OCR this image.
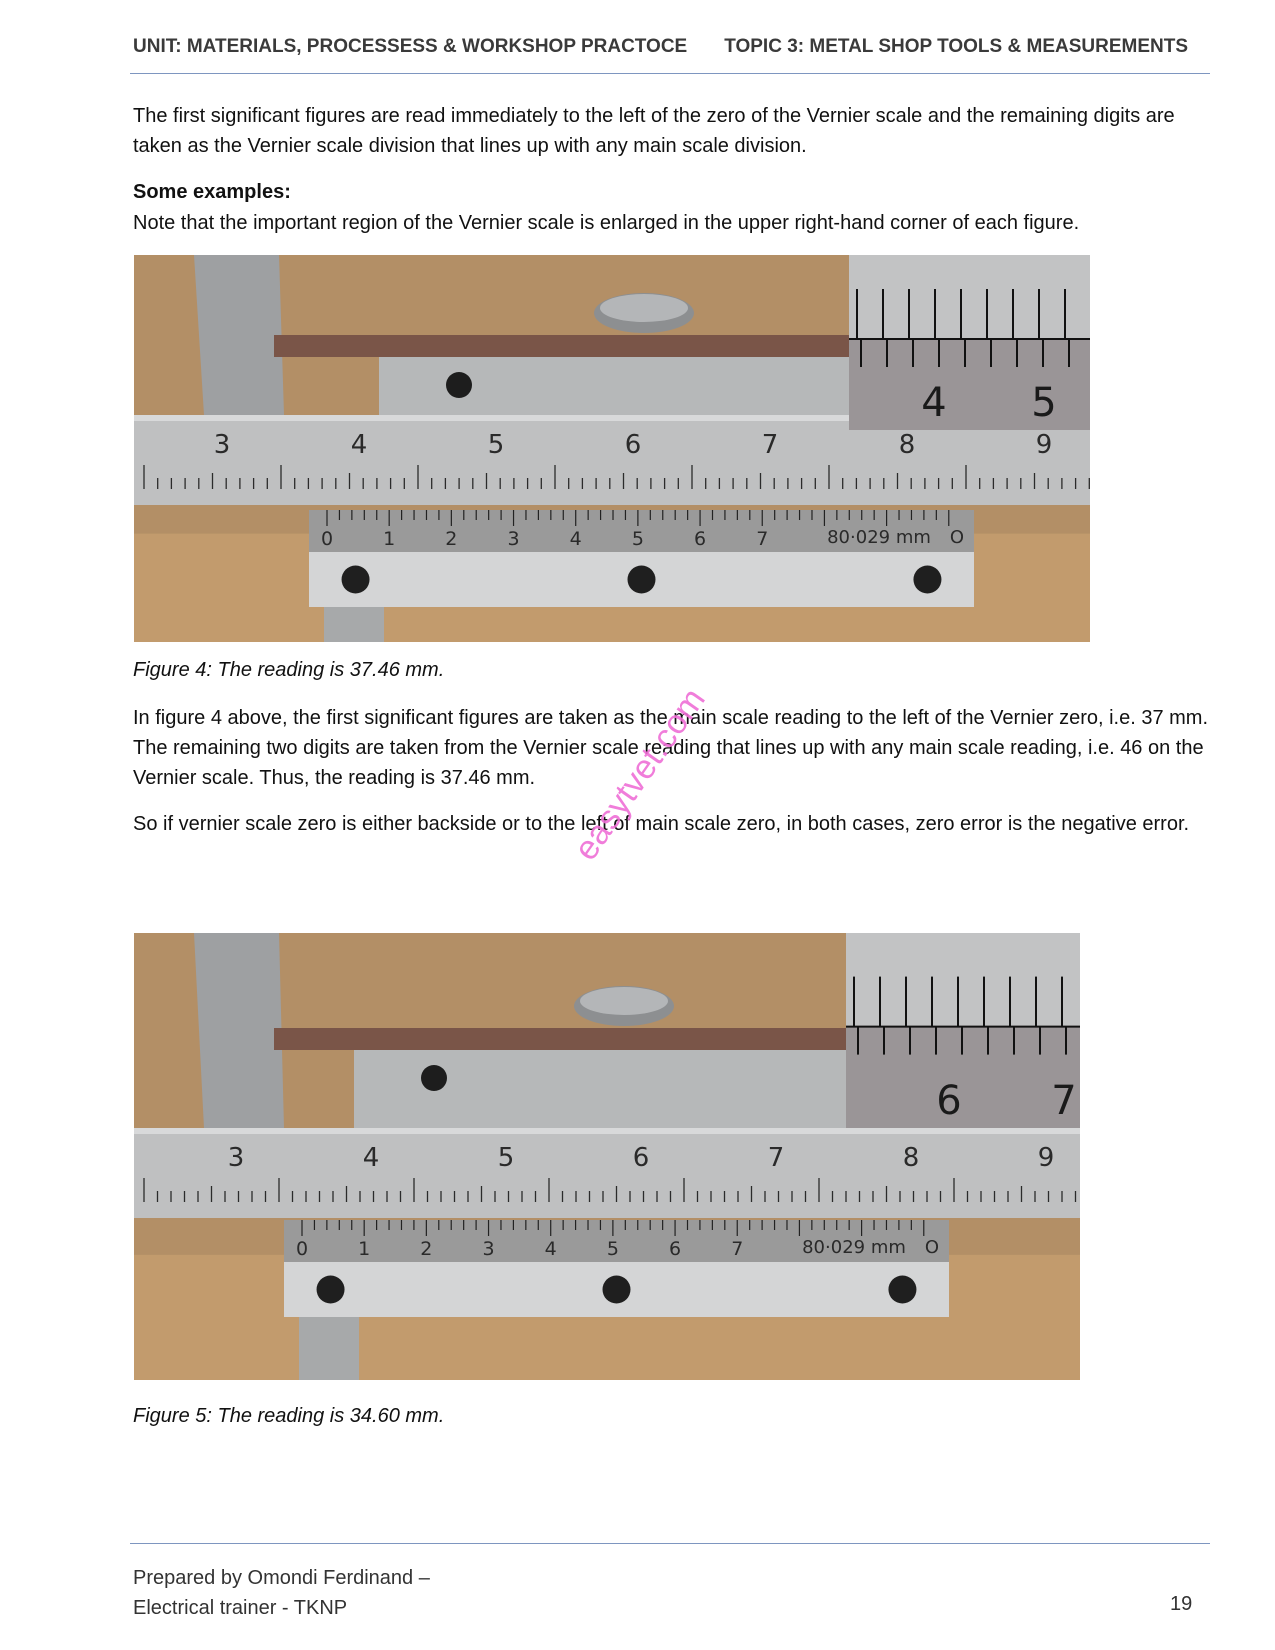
UNIT: MATERIALS, PROCESSESS & WORKSHOP PRACTOCE TOPIC 3: METAL SHOP TOOLS & MEASUREMENTS

The first significant figures are read immediately to the left of the zero of the Vernier scale and the remaining digits are taken as the Vernier scale division that lines up with any main scale division.

Some examples:

Note that the important region of the Vernier scale is enlarged in the upper right-hand corner of each figure.

3	4	5	6	7	8	9
0	1	2	3	4	5	6	7	80·029 mm O
4 5
Figure 4: The reading is 37.46 mm.

In figure 4 above, the first significant figures are taken as the main scale reading to the left of the Vernier zero, i.e. 37 mm. The remaining two digits are taken from the Vernier scale reading that lines up with any main scale reading, i.e. 46 on the Vernier scale. Thus, the reading is 37.46 mm.

So if vernier scale zero is either backside or to the left of main scale zero, in both cases, zero error is the negative error.

3	4	5	6	7	8	9
0	1	2	3	4	5	6	7	80·029 mm O
6 7
Figure 5: The reading is 34.60 mm.
easytvet.com
Prepared by Omondi Ferdinand –
Electrical trainer - TKNP	19
